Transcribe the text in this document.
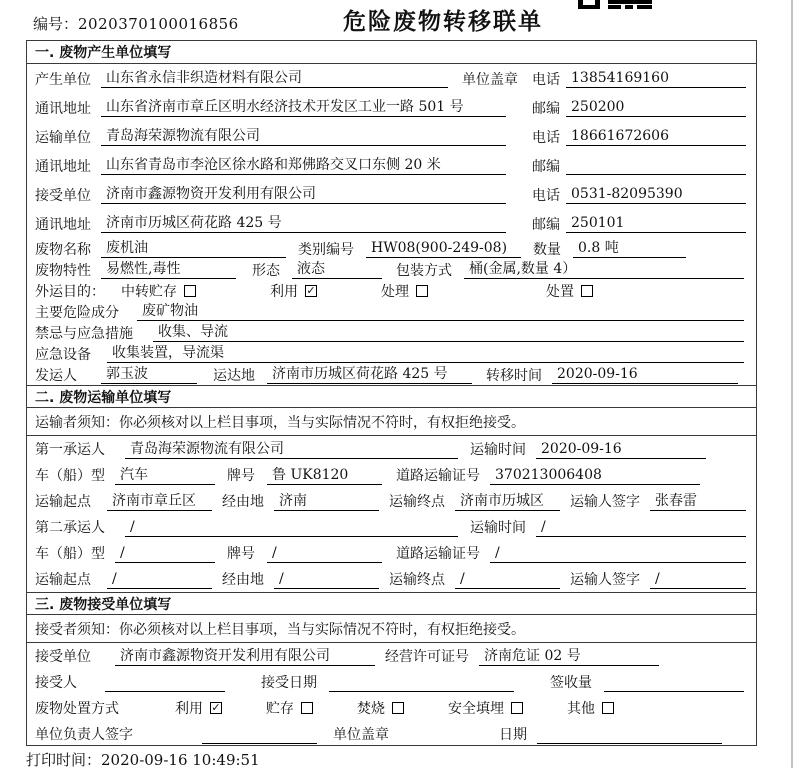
编号：2020370100016856	危险废物转移联单
一. 废物产生单位填写
产生单位	山东省永信非织造材料有限公司	单位盖章 电话 13854169160
通讯地址	山东省济南市章丘区明水经济技术开发区工业一路 501 号	邮编 250200
运输单位	青岛海荣源物流有限公司	电话 18661672606
通讯地址	山东省青岛市李沧区徐水路和郑佛路交叉口东侧 20 米	邮编
接受单位	济南市鑫源物资开发利用有限公司	电话 0531-82095390
通讯地址	济南市历城区荷花路 425 号	邮编 250101
废物名称	废机油	类别编号	HW08(900-249-08)	数量	0.8 吨
废物特性	易燃性,毒性	形态	液态	包装方式	桶(金属,数量 4）
外运目的：	中转贮存	利用 ✓	处理	处置
主要危险成分	废矿物油
禁忌与应急措施	收集、导流
应急设备	收集装置，导流渠
发运人	郭玉波	运达地	济南市历城区荷花路 425 号	转移时间	2020-09-16
二. 废物运输单位填写
运输者须知：你必须核对以上栏目事项，当与实际情况不符时，有权拒绝接受。
第一承运人	青岛海荣源物流有限公司	运输时间	2020-09-16
车（船）型	汽车	牌号	鲁 UK8120	道路运输证号	370213006408
运输起点	济南市章丘区	经由地	济南	运输终点	济南市历城区	运输人签字	张春雷
第二承运人	/	运输时间	/
车（船）型	/	牌号	/	道路运输证号	/
运输起点	/	经由地	/	运输终点	/	运输人签字	/
三. 废物接受单位填写
接受者须知：你必须核对以上栏目事项，当与实际情况不符时，有权拒绝接受。
接受单位	济南市鑫源物资开发利用有限公司	经营许可证号	济南危证 02 号
接受人	接受日期	签收量
废物处置方式	利用 ✓	贮存	焚烧	安全填埋	其他
单位负责人签字	单位盖章	日期
打印时间：2020-09-16 10:49:51
